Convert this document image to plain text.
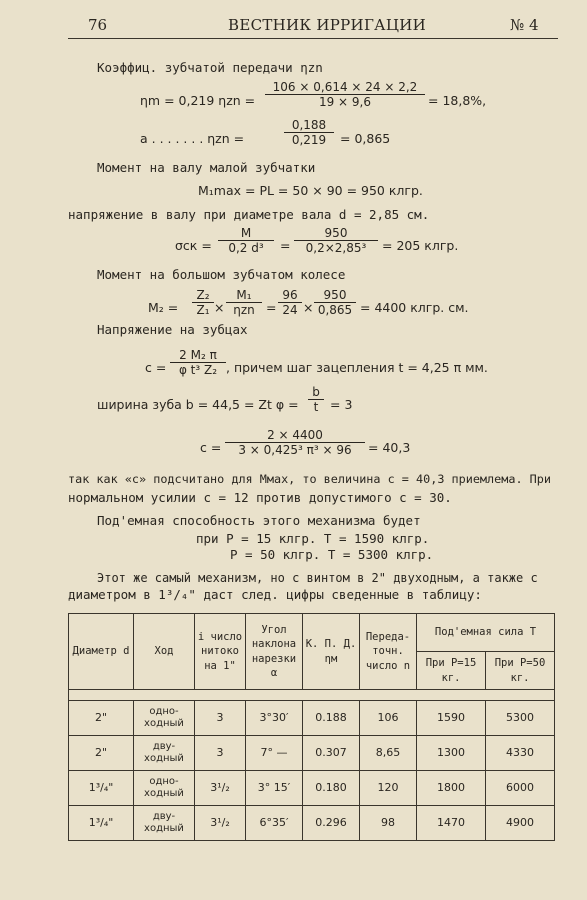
76	ВЕСТНИК ИРРИГАЦИИ	№ 4
Коэффиц. зубчатой передачи ηzn
ηm = 0,219 $\eta zn = \frac{106 \times 0,614 \times 24 \times 2,2}{19 \times 9,6} = 18,8\%$,
a . . . . . . . ηzn =	$\frac{0,188}{0,219} = 0,865$
Момент на валу малой зубчатки
M₁max = PL = 50 × 90 = 950 клгр.
напряжение в валу при диаметре вала d = 2,85 см.
$\sigma ск = \frac{M}{\text{0,2 d³}} = \frac{950}{\text{0,2×2,85³}} = 205$ клгр.
Момент на большом зубчатом колесе
$M_2 = \frac{\text{Z₂}}{\text{Z₁}}$ ×
M₁
$\eta zn = \frac{96}{24} \times \frac{950}{0,865} = 4400$ клгр. см.
Напряжение на зубцах
$c = \frac{\text{2 M₂ π}}{\text{φ t³ Z₂}}$ , причем шаг зацепления t = 4,25 π мм.
ширина зуба b = 44,5 = Zt $\varphi = \frac{b}{t} = 3$
$c = \frac{2 \times 4400}{\text{3 × 0,425³ π³ × 96}} = 40,3$
так как «с» подсчитано для Mмах, то величина c = 40,3 приемлема. При
нормальном усилии c = 12 против допустимого c = 30.
Под'емная способность этого механизма будет
при P = 15 клгр. T = 1590 клгр.
P = 50 клгр. T = 5300 клгр.
Этот же самый механизм, но с винтом в 2" двуходным, а также с
диаметром в 1³/₄" даст след. цифры сведенные в таблицу:
Диаметр d	Ход	i число нитоко на 1"	Угол наклона нарезки α	К. П. Д. ηм	Переда- точн. число n	Под'емная сила T	
						При P=15 кг.	При P=50 кг.

2"	одно- ходный	3	3°30′	0.188	106	1590	5300
2"	дву- ходный	3	7° —	0.307	8,65	1300	4330
1³/₄"	одно- ходный	3¹/₂	3° 15′	0.180	120	1800	6000
1³/₄"	дву- ходный	3¹/₂	6°35′	0.296	98	1470	4900
